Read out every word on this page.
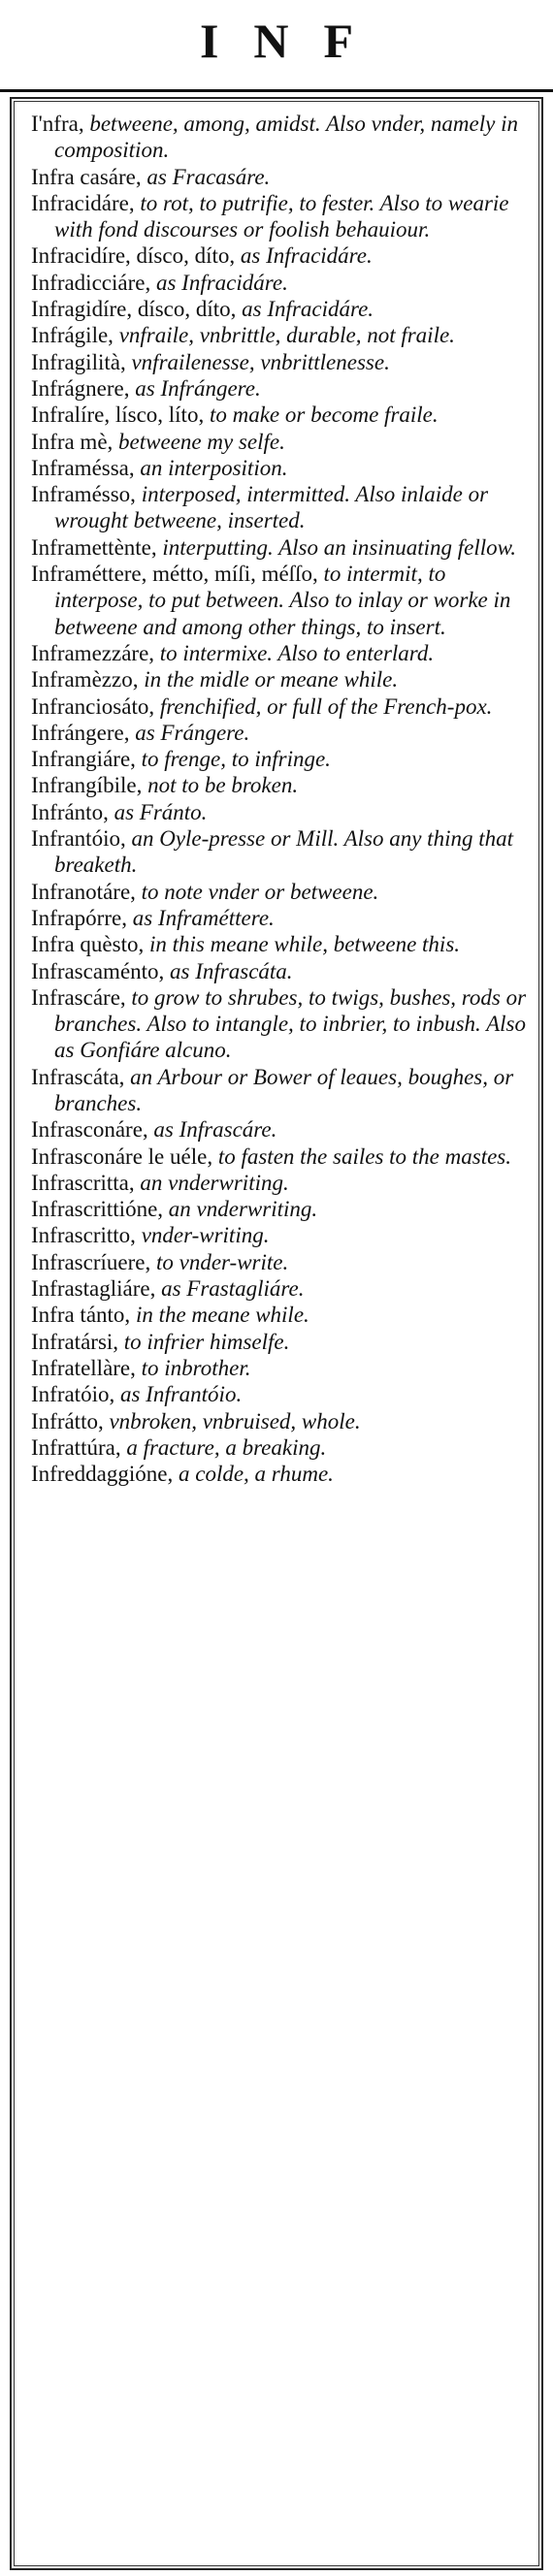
INF
I'nfra, betweene, among, amidst. Also vnder, namely in composition.
Infra casáre, as Fracasáre.
Infracidáre, to rot, to putrifie, to fester. Also to wearie with fond discourses or foolish behauiour.
Infracidíre, dísco, díto, as Infracidáre.
Infradicciáre, as Infracidáre.
Infragidíre, dísco, díto, as Infracidáre.
Infrágile, vnfraile, vnbrittle, durable, not fraile.
Infragilità, vnfrailenesse, vnbrittlenesse.
Infrágnere, as Infrángere.
Infralíre, lísco, líto, to make or become fraile.
Infra mè, betweene my selfe.
Inframéssa, an interposition.
Inframésso, interposed, intermitted. Also inlaide or wrought betweene, inserted.
Inframettènte, interputting. Also an insinuating fellow.
Inframéttere, métto, míſi, méſſo, to intermit, to interpose, to put between. Also to inlay or worke in betweene and among other things, to insert.
Inframezzáre, to intermixe. Also to enterlard.
Inframèzzo, in the midle or meane while.
Infranciosáto, frenchified, or full of the French-pox.
Infrángere, as Frángere.
Infrangiáre, to frenge, to infringe.
Infrangíbile, not to be broken.
Infránto, as Fránto.
Infrantóio, an Oyle-presse or Mill. Also any thing that breaketh.
Infranotáre, to note vnder or betweene.
Infrapórre, as Inframéttere.
Infra quèsto, in this meane while, betweene this.
Infrascaménto, as Infrascáta.
Infrascáre, to grow to shrubes, to twigs, bushes, rods or branches. Also to intangle, to inbrier, to inbush. Also as Gonfiáre alcuno.
Infrascáta, an Arbour or Bower of leaues, boughes, or branches.
Infrasconáre, as Infrascáre.
Infrasconáre le uéle, to fasten the sailes to the mastes.
Infrascritta, an vnderwriting.
Infrascrittióne, an vnderwriting.
Infrascritto, vnder-writing.
Infrascríuere, to vnder-write.
Infrastagliáre, as Frastagliáre.
Infra tánto, in the meane while.
Infratársi, to infrier himselfe.
Infratellàre, to inbrother.
Infratóio, as Infrantóio.
Infrátto, vnbroken, vnbruised, whole.
Infrattúra, a fracture, a breaking.
Infreddaggióne, a colde, a rhume.
